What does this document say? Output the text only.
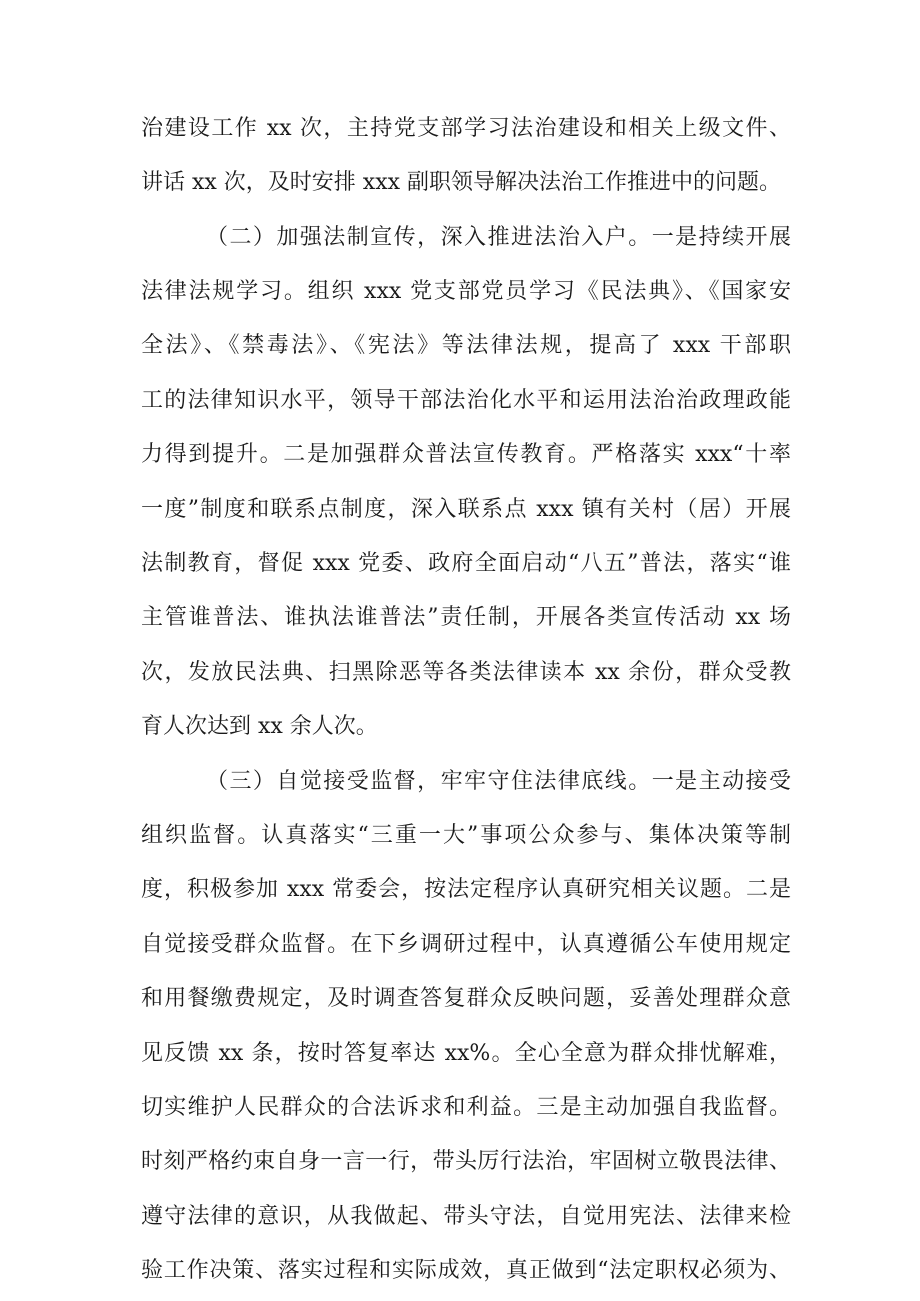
治建设工作 xx 次，主持党支部学习法治建设和相关上级文件、
讲话 xx 次，及时安排 xxx 副职领导解决法治工作推进中的问题。
（二）加强法制宣传，深入推进法治入户。一是持续开展
法律法规学习。组织 xxx 党支部党员学习《民法典》、《国家安
全法》、《禁毒法》、《宪法》等法律法规，提高了 xxx 干部职
工的法律知识水平，领导干部法治化水平和运用法治治政理政能
力得到提升。二是加强群众普法宣传教育。严格落实 xxx“十率
一度”制度和联系点制度，深入联系点 xxx 镇有关村（居）开展
法制教育，督促 xxx 党委、政府全面启动“八五”普法，落实“谁
主管谁普法、谁执法谁普法”责任制，开展各类宣传活动 xx 场
次，发放民法典、扫黑除恶等各类法律读本 xx 余份，群众受教
育人次达到 xx 余人次。
（三）自觉接受监督，牢牢守住法律底线。一是主动接受
组织监督。认真落实“三重一大”事项公众参与、集体决策等制
度，积极参加 xxx 常委会，按法定程序认真研究相关议题。二是
自觉接受群众监督。在下乡调研过程中，认真遵循公车使用规定
和用餐缴费规定，及时调查答复群众反映问题，妥善处理群众意
见反馈 xx 条，按时答复率达 xx%。全心全意为群众排忧解难，
切实维护人民群众的合法诉求和利益。三是主动加强自我监督。
时刻严格约束自身一言一行，带头厉行法治，牢固树立敬畏法律、
遵守法律的意识，从我做起、带头守法，自觉用宪法、法律来检
验工作决策、落实过程和实际成效，真正做到“法定职权必须为、
